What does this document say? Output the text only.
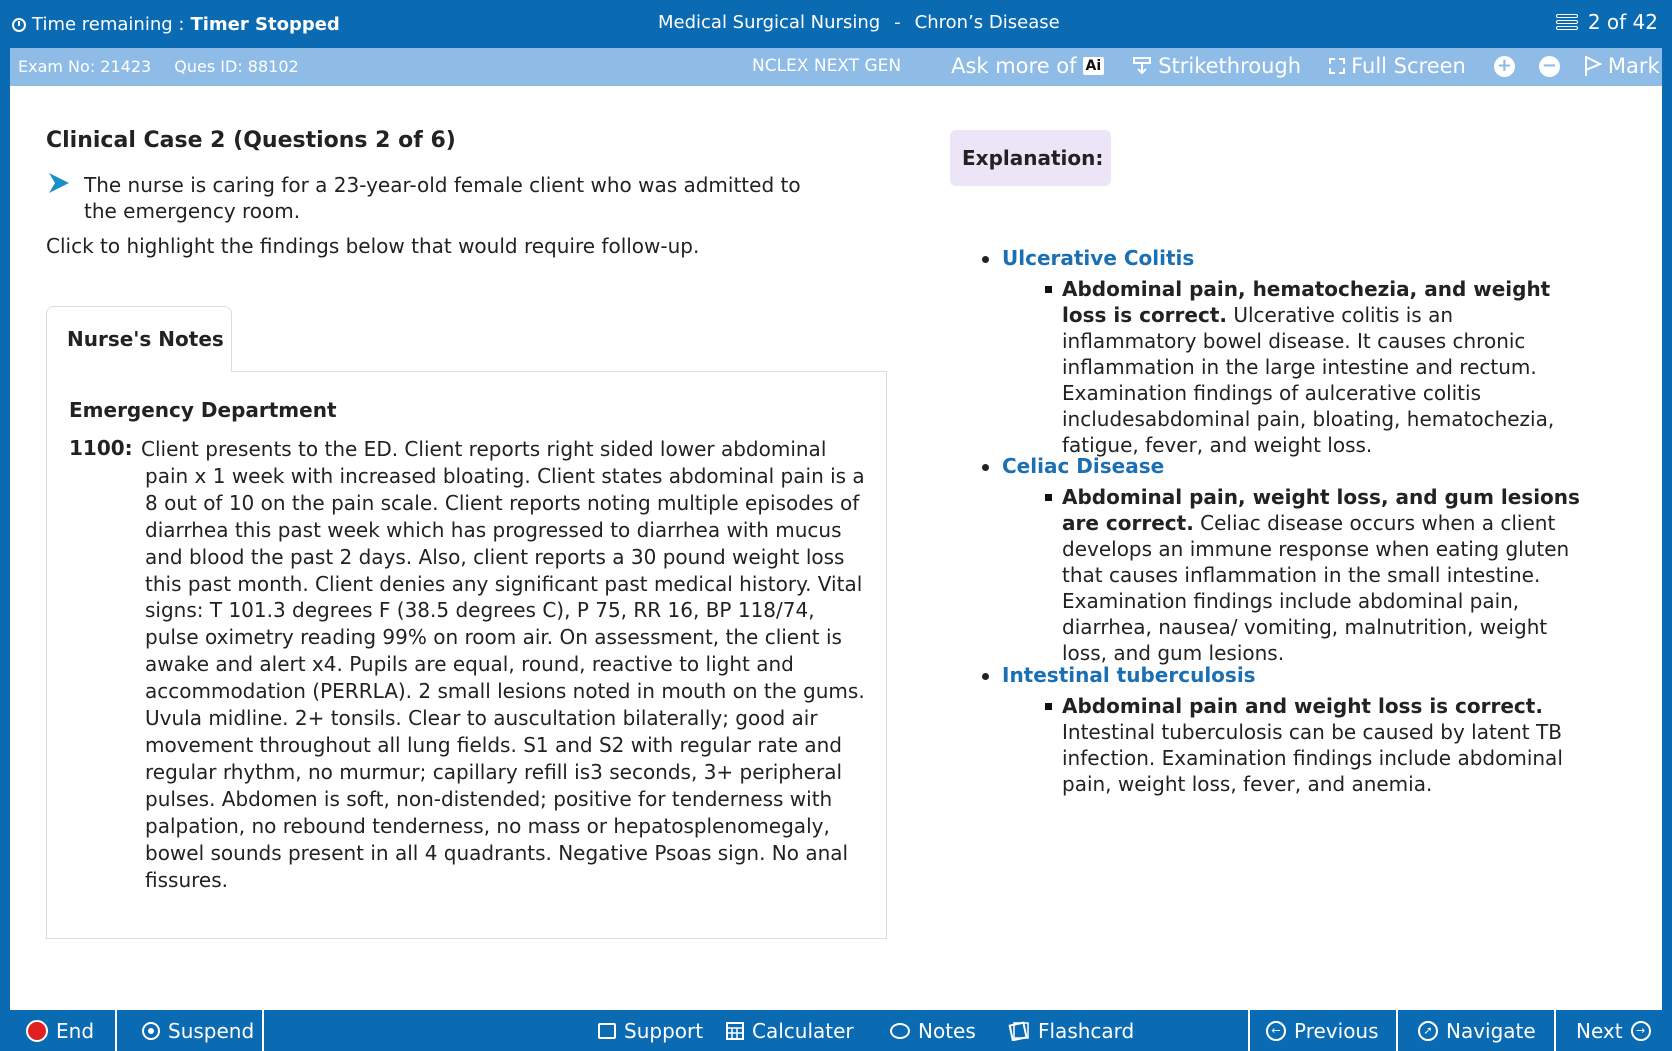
Time remaining : Timer Stopped	Medical Surgical Nursing - Chron’s Disease	2 of 42
Exam No: 21423 Ques ID: 88102	NCLEX NEXT GEN Ask more of Ai	Strikethrough Full Screen + − Mark
Clinical Case 2 (Questions 2 of 6)
The nurse is caring for a 23-year-old female client who was admitted to the emergency room.
Click to highlight the findings below that would require follow-up.
Nurse's Notes
Emergency Department
1100: Client presents to the ED. Client reports right sided lower abdominal pain x 1 week with increased bloating. Client states abdominal pain is a 8 out of 10 on the pain scale. Client reports noting multiple episodes of diarrhea this past week which has progressed to diarrhea with mucus and blood the past 2 days. Also, client reports a 30 pound weight loss this past month. Client denies any significant past medical history. Vital signs: T 101.3 degrees F (38.5 degrees C), P 75, RR 16, BP 118/74, pulse oximetry reading 99% on room air. On assessment, the client is awake and alert x4. Pupils are equal, round, reactive to light and accommodation (PERRLA). 2 small lesions noted in mouth on the gums. Uvula midline. 2+ tonsils. Clear to auscultation bilaterally; good air movement throughout all lung fields. S1 and S2 with regular rate and regular rhythm, no murmur; capillary refill is3 seconds, 3+ peripheral pulses. Abdomen is soft, non-distended; positive for tenderness with palpation, no rebound tenderness, no mass or hepatosplenomegaly, bowel sounds present in all 4 quadrants. Negative Psoas sign. No anal fissures.
Explanation:
Ulcerative Colitis
Abdominal pain, hematochezia, and weight loss is correct. Ulcerative colitis is an inflammatory bowel disease. It causes chronic inflammation in the large intestine and rectum. Examination findings of aulcerative colitis includesabdominal pain, bloating, hematochezia, fatigue, fever, and weight loss.
Celiac Disease
Abdominal pain, weight loss, and gum lesions are correct. Celiac disease occurs when a client develops an immune response when eating gluten that causes inflammation in the small intestine. Examination findings include abdominal pain, diarrhea, nausea/ vomiting, malnutrition, weight loss, and gum lesions.
Intestinal tuberculosis
Abdominal pain and weight loss is correct. Intestinal tuberculosis can be caused by latent TB infection. Examination findings include abdominal pain, weight loss, fever, and anemia.
End	Suspend	Support Calculater	Notes	Flashcard	← Previous	➚ Navigate Next	→
